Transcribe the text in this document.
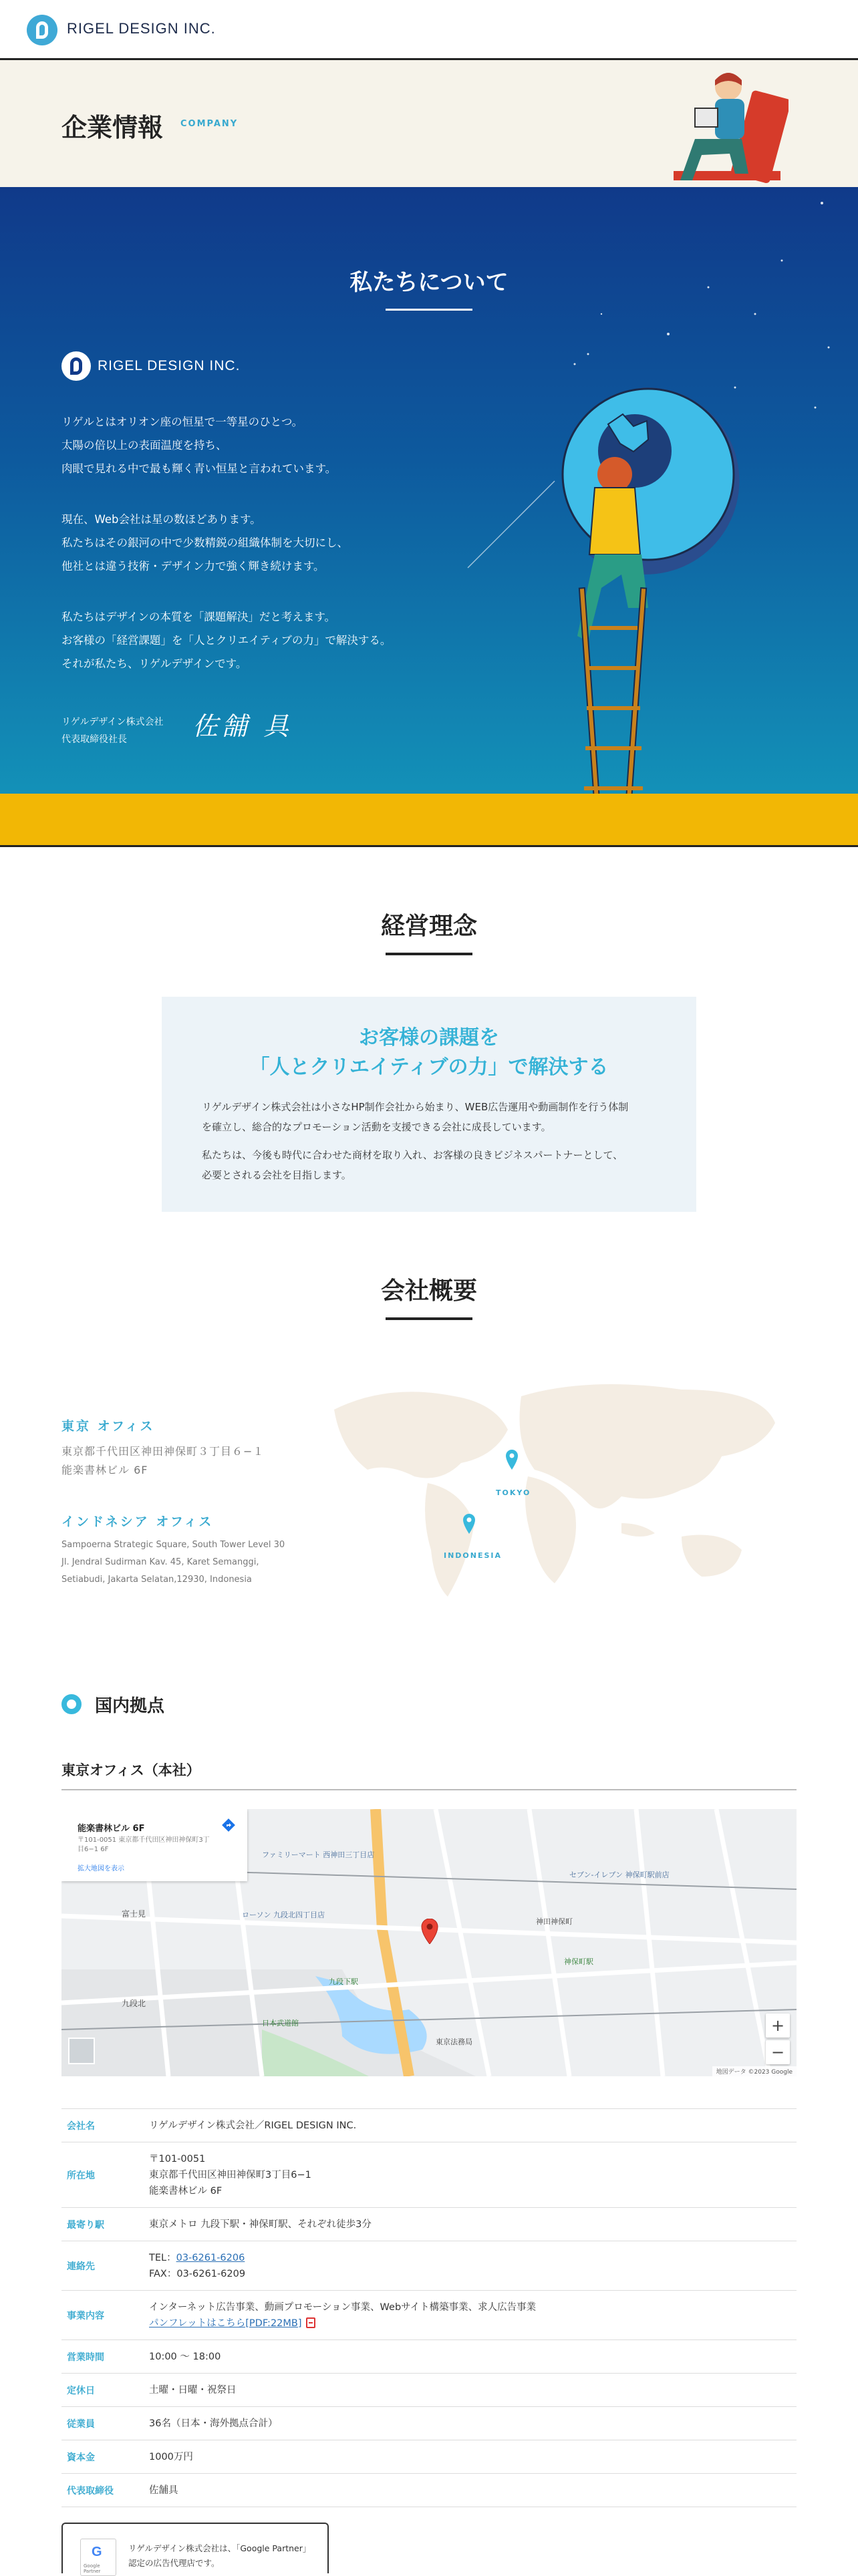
RIGEL DESIGN INC.
企業情報 COMPANY
私たちについて
RIGEL DESIGN INC.
リゲルとはオリオン座の恒星で一等星のひとつ。
太陽の倍以上の表面温度を持ち、
肉眼で見れる中で最も輝く青い恒星と言われています。
現在、Web会社は星の数ほどあります。
私たちはその銀河の中で少数精鋭の組織体制を大切にし、
他社とは違う技術・デザイン力で強く輝き続けます。
私たちはデザインの本質を「課題解決」だと考えます。
お客様の「経営課題」を「人とクリエイティブの力」で解決する。
それが私たち、リゲルデザインです。
リゲルデザイン株式会社
代表取締役社長	佐舗 具
経営理念
お客様の課題を
「人とクリエイティブの力」で解決する
リゲルデザイン株式会社は小さなHP制作会社から始まり、WEB広告運用や動画制作を行う体制
を確立し、総合的なプロモーション活動を支援できる会社に成長しています。
私たちは、今後も時代に合わせた商材を取り入れ、お客様の良きビジネスパートナーとして、
必要とされる会社を目指します。
会社概要
東京 オフィス
東京都千代田区神田神保町３丁目６−１
能楽書林ビル 6F
インドネシア オフィス
Sampoerna Strategic Square, South Tower Level 30
Jl. Jendral Sudirman Kav. 45, Karet Semanggi,
Setiabudi, Jakarta Selatan,12930, Indonesia
TOKYO
INDONESIA
国内拠点
東京オフィス（本社）
ファミリーマート 西神田三丁目店
ローソン 九段北四丁目店
神田神保町
神保町駅
九段下駅
日本武道館
九段北
富士見
セブン-イレブン 神保町駅前店
東京法務局
能楽書林ビル 6F
〒101-0051 東京都千代田区神田神保町3丁目6−1 6F
拡大地図を表示
+
−
地図データ ©2023 Google
会社名	リゲルデザイン株式会社／RIGEL DESIGN INC.
所在地	〒101-0051
東京都千代田区神田神保町3丁目6−1
能楽書林ビル 6F

最寄り駅	東京メトロ 九段下駅・神保町駅、それぞれ徒歩3分
連絡先	TEL：03-6261-6206
FAX：03-6261-6209

事業内容	インターネット広告事業、動画プロモーション事業、Webサイト構築事業、求人広告事業
パンフレットはこちら[PDF:22MB]

営業時間	10:00 〜 18:00
定休日	土曜・日曜・祝祭日
従業員	36名（日本・海外拠点合計）
資本金	1000万円
代表取締役	佐舗具
G
Google Partner
リゲルデザイン株式会社は、「Google Partner」
認定の広告代理店です。
